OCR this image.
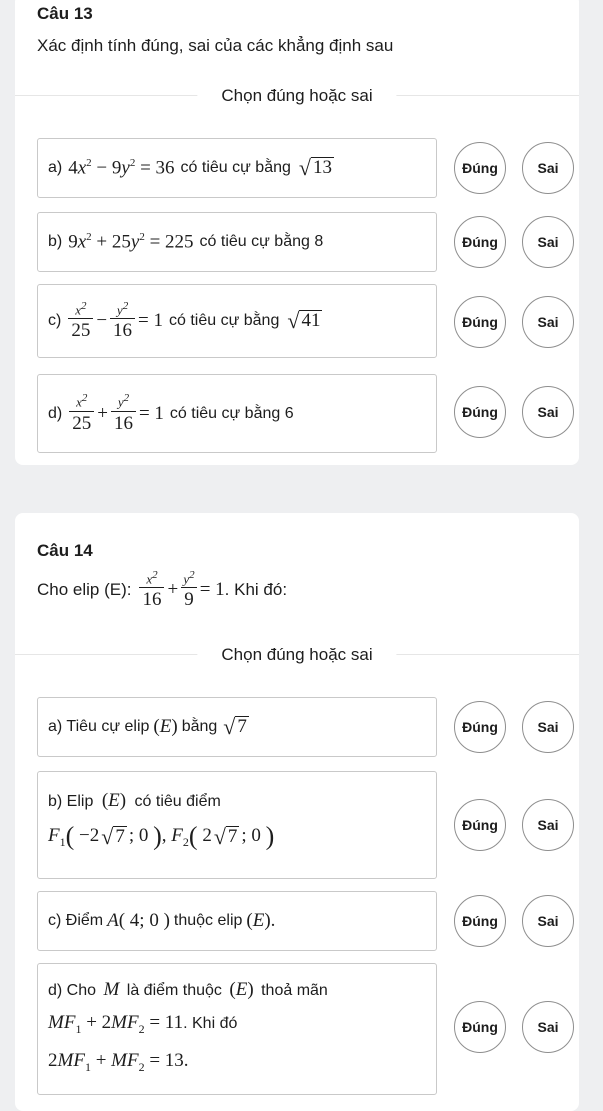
Câu 13
Xác định tính đúng, sai của các khẳng định sau
Chọn đúng hoặc sai
a) $4x^2 - 9y^2 = 36$ có tiêu cự bằng √ 13	Đúng	Sai
b) $9x^2 + 25y^2 = 225$ có tiêu cự bằng 8	Đúng	Sai
c)
$x^2$
25 −
$y^2$
16 = 1 có tiêu cự bằng √ 41	Đúng	Sai
d)
$x^2$
25 +
$y^2$
16 = 1 có tiêu cự bằng 6	Đúng	Sai
Câu 14
Cho elip (E):
$x^2$
16 +
$y^2$
9 = 1 . Khi đó:
Chọn đúng hoặc sai
a) Tiêu cự elip (E) bằng √ 7	Đúng	Sai
b) Elip (E) có tiêu điểm
$F_1( -2$ √ 7 ; 0 ), $F_2$( 2 √ 7 ; 0 )	Đúng	Sai
c) Điểm A( 4; 0 ) thuộc elip (E).	Đúng	Sai
d) Cho M là điểm thuộc (E) thoả mãn
$MF_1 + 2MF_2 = 11$. Khi đó
$2MF_1 + MF_2 = 13$.
Đúng	Sai
